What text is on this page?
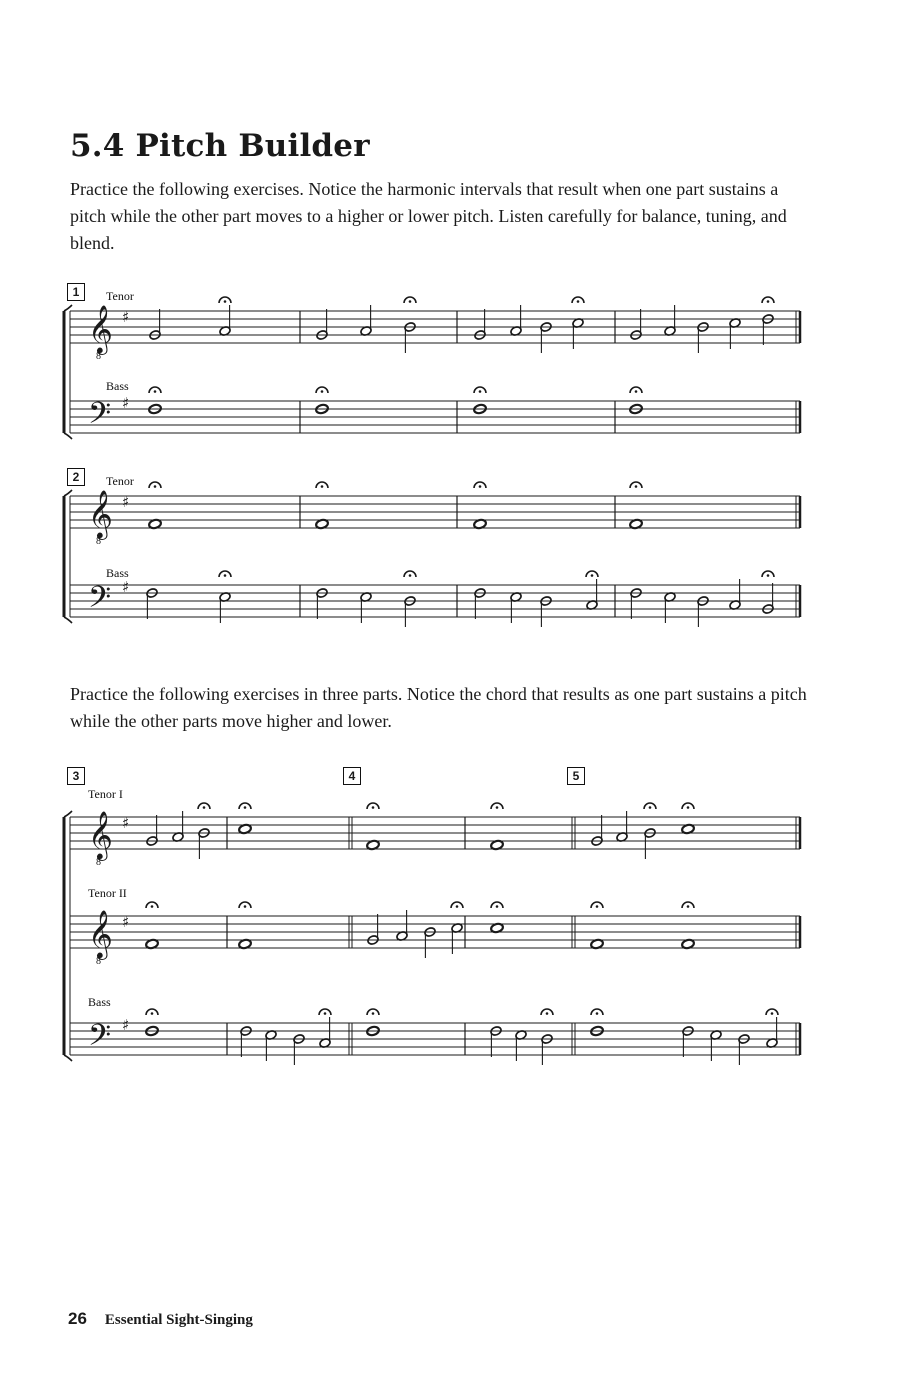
5.4 Pitch Builder
Practice the following exercises. Notice the harmonic intervals that result when one part sustains a pitch while the other part moves to a higher or lower pitch. Listen carefully for balance, tuning, and blend.
1	Tenor
Bass
2	Tenor
Bass
Practice the following exercises in three parts. Notice the chord that results as one part sustains a pitch while the other parts move higher and lower.
3	4	5
Tenor I
Tenor II
Bass
𝄞
8
𝄢
♯
♯
𝄞
8
𝄢
♯
♯
𝄞
8
𝄞
8
𝄢
♯
♯
♯
26 Essential Sight-Singing
